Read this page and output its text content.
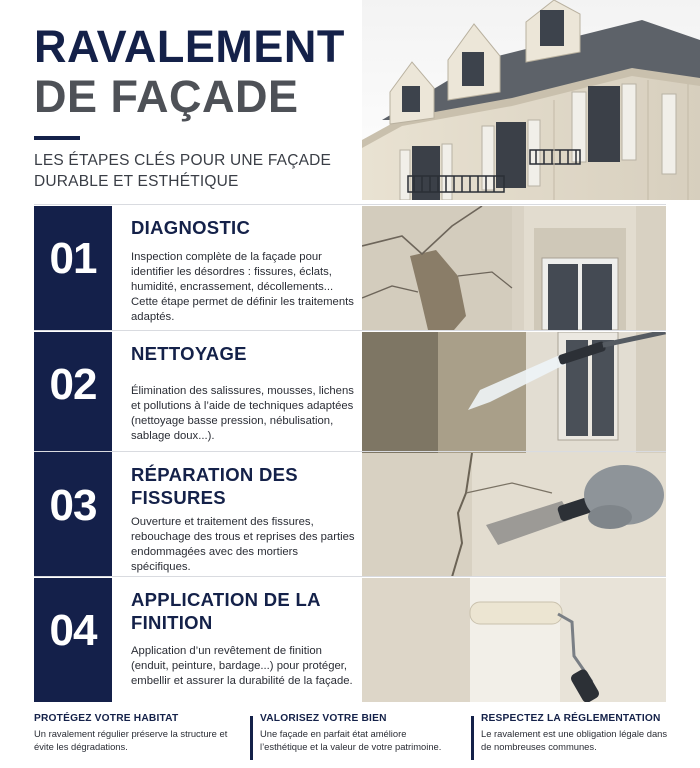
RAVALEMENT
DE FAÇADE
LES ÉTAPES CLÉS POUR UNE FAÇADE DURABLE ET ESTHÉTIQUE
01
DIAGNOSTIC
Inspection complète de la façade pour identifier les désordres : fissures, éclats, humidité, encrassement, décollements... Cette étape permet de définir les traitements adaptés.
02
NETTOYAGE
Élimination des salissures, mousses, lichens et pollutions à l’aide de techniques adaptées (nettoyage basse pression, nébulisation, sablage doux...).
03
RÉPARATION DES FISSURES
Ouverture et traitement des fissures, rebouchage des trous et reprises des parties endommagées avec des mortiers spécifiques.
04
APPLICATION DE LA FINITION
Application d’un revêtement de finition (enduit, peinture, bardage...) pour protéger, embellir et assurer la durabilité de la façade.
PROTÉGEZ VOTRE HABITAT
Un ravalement régulier préserve la structure et évite les dégradations.
VALORISEZ VOTRE BIEN
Une façade en parfait état améliore l’esthétique et la valeur de votre patrimoine.
RESPECTEZ LA RÉGLEMENTATION
Le ravalement est une obligation légale dans de nombreuses communes.
